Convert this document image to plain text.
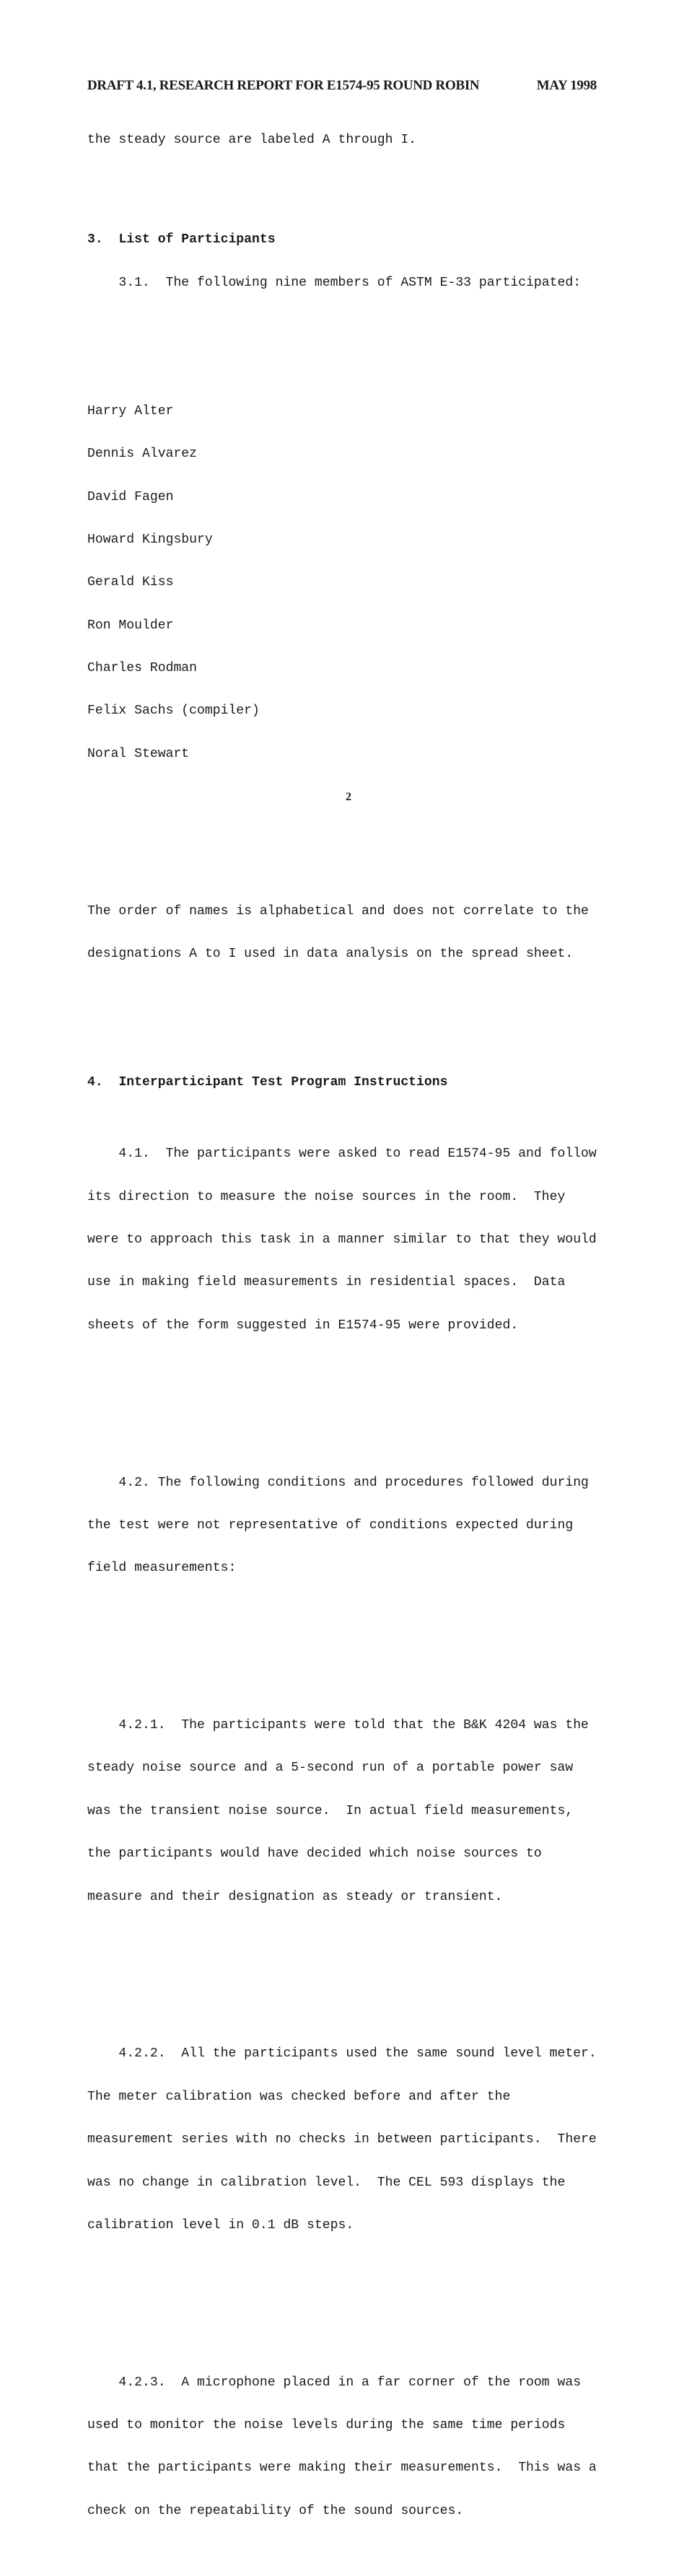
DRAFT 4.1, RESEARCH REPORT FOR E1574-95 ROUND ROBIN	MAY 1998

the steady source are labeled A through I.

3. List of Participants

3.1.  The following nine members of ASTM E-33 participated:

Harry Alter

Dennis Alvarez

David Fagen

Howard Kingsbury

Gerald Kiss

Ron Moulder

Charles Rodman

Felix Sachs (compiler)

Noral Stewart

The order of names is alphabetical and does not correlate to the

designations A to I used in data analysis on the spread sheet.

4. Interparticipant Test Program Instructions

4.1.  The participants were asked to read E1574-95 and follow

its direction to measure the noise sources in the room.  They

were to approach this task in a manner similar to that they would

use in making field measurements in residential spaces.  Data

sheets of the form suggested in E1574-95 were provided.

4.2. The following conditions and procedures followed during

the test were not representative of conditions expected during

field measurements:

4.2.1.  The participants were told that the B&K 4204 was the

steady noise source and a 5-second run of a portable power saw

was the transient noise source.  In actual field measurements,

the participants would have decided which noise sources to

measure and their designation as steady or transient.

4.2.2.  All the participants used the same sound level meter.

The meter calibration was checked before and after the

measurement series with no checks in between participants.  There

was no change in calibration level.  The CEL 593 displays the

calibration level in 0.1 dB steps.

4.2.3.  A microphone placed in a far corner of the room was

used to monitor the noise levels during the same time periods

that the participants were making their measurements.  This was a

check on the repeatability of the sound sources.

2
